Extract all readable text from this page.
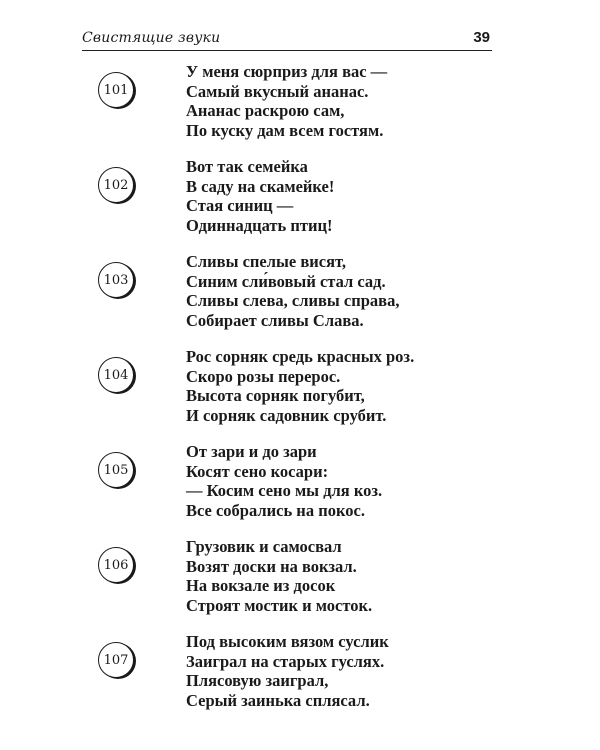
Свистящие звуки	39
101
У меня сюрприз для вас —
Самый вкусный ананас.
Ананас раскрою сам,
По куску дам всем гостям.
102
Вот так семейка
В саду на скамейке!
Стая синиц —
Одиннадцать птиц!
103
Сливы спелые висят,
Синим сли́вовый стал сад.
Сливы слева, сливы справа,
Собирает сливы Слава.
104
Рос сорняк средь красных роз.
Скоро розы перерос.
Высота сорняк погубит,
И сорняк садовник срубит.
105
От зари и до зари
Косят сено косари:
— Косим сено мы для коз.
Все собрались на покос.
106
Грузовик и самосвал
Возят доски на вокзал.
На вокзале из досок
Строят мостик и мосток.
107
Под высоким вязом суслик
Заиграл на старых гуслях.
Плясовую заиграл,
Серый заинька сплясал.
